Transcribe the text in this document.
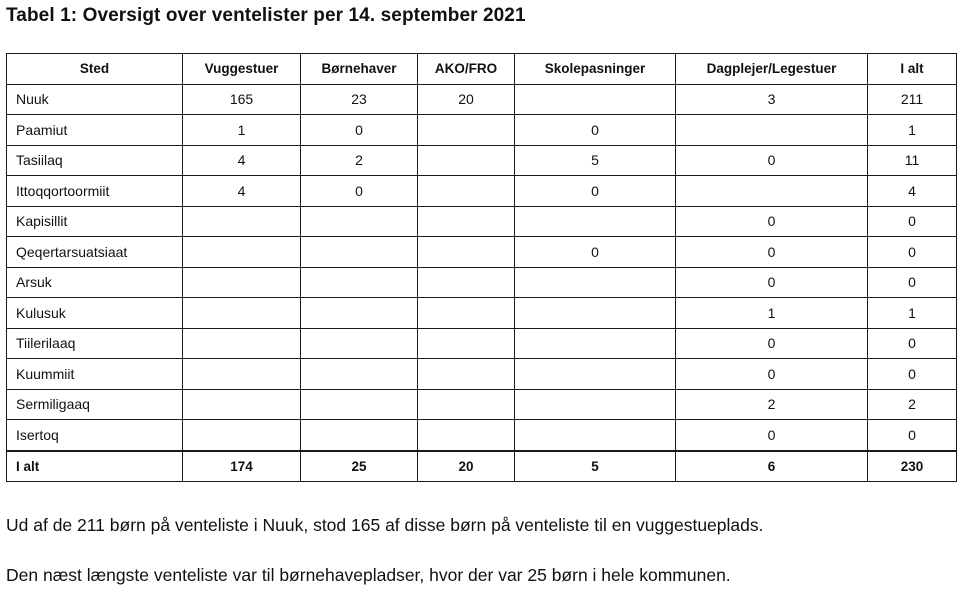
Tabel 1: Oversigt over ventelister per 14. september 2021
Sted	Vuggestuer	Børnehaver	AKO/FRO	Skolepasninger	Dagplejer/Legestuer	I alt
Nuuk	165	23	20		3	211
Paamiut	1	0		0		1
Tasiilaq	4	2		5	0	11
Ittoqqortoormiit	4	0		0		4
Kapisillit					0	0
Qeqertarsuatsiaat				0	0	0
Arsuk					0	0
Kulusuk					1	1
Tiilerilaaq					0	0
Kuummiit					0	0
Sermiligaaq					2	2
Isertoq					0	0
I alt	174	25	20	5	6	230
Ud af de 211 børn på venteliste i Nuuk, stod 165 af disse børn på venteliste til en vuggestueplads.
Den næst længste venteliste var til børnehavepladser, hvor der var 25 børn i hele kommunen.
